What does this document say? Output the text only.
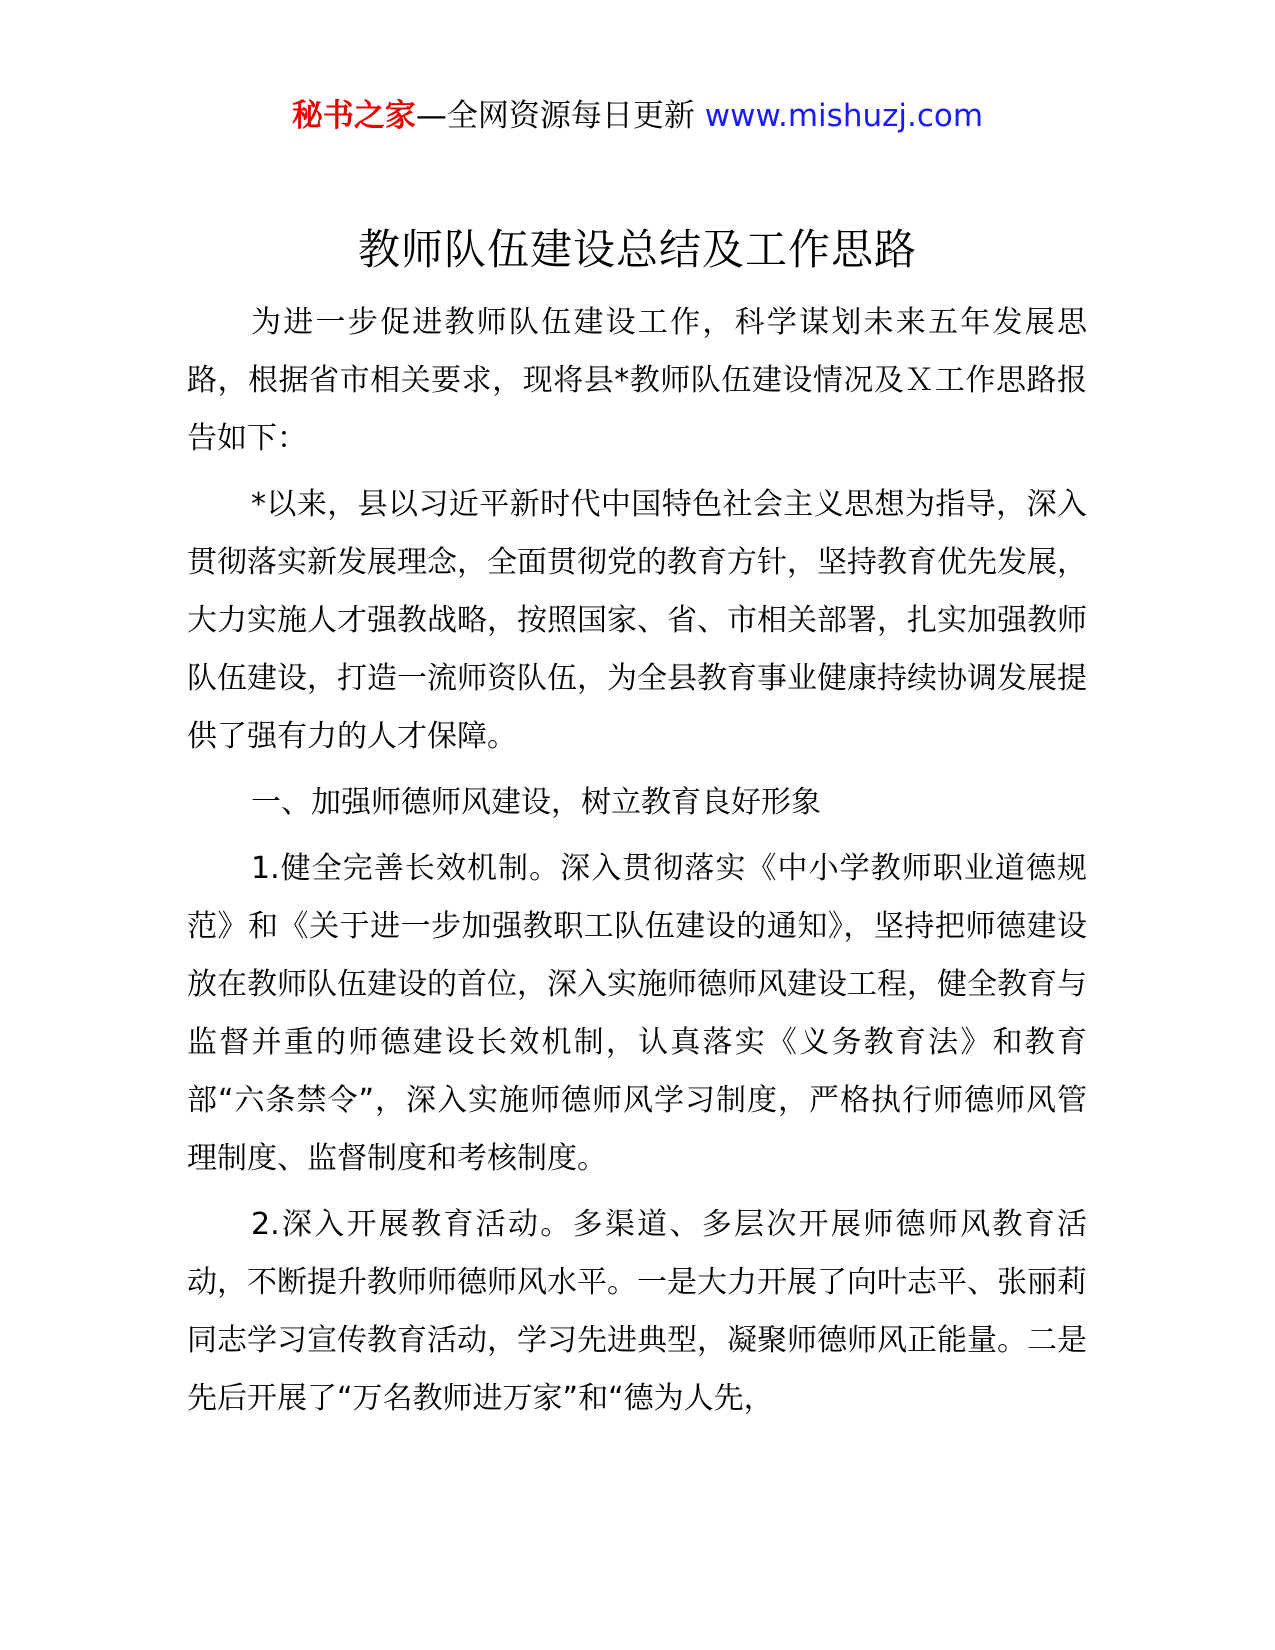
秘书之家—全网资源每日更新 www.mishuzj.com
教师队伍建设总结及工作思路

为进一步促进教师队伍建设工作，科学谋划未来五年发展思路，根据省市相关要求，现将县*教师队伍建设情况及Ｘ工作思路报告如下：

*以来，县以习近平新时代中国特色社会主义思想为指导，深入贯彻落实新发展理念，全面贯彻党的教育方针，坚持教育优先发展，大力实施人才强教战略，按照国家、省、市相关部署，扎实加强教师队伍建设，打造一流师资队伍，为全县教育事业健康持续协调发展提供了强有力的人才保障。

一、加强师德师风建设，树立教育良好形象

1.健全完善长效机制。深入贯彻落实《中小学教师职业道德规范》和《关于进一步加强教职工队伍建设的通知》，坚持把师德建设放在教师队伍建设的首位，深入实施师德师风建设工程，健全教育与监督并重的师德建设长效机制，认真落实《义务教育法》和教育部“六条禁令”，深入实施师德师风学习制度，严格执行师德师风管理制度、监督制度和考核制度。

2.深入开展教育活动。多渠道、多层次开展师德师风教育活动，不断提升教师师德师风水平。一是大力开展了向叶志平、张丽莉同志学习宣传教育活动，学习先进典型，凝聚师德师风正能量。二是先后开展了“万名教师进万家”和“德为人先，
